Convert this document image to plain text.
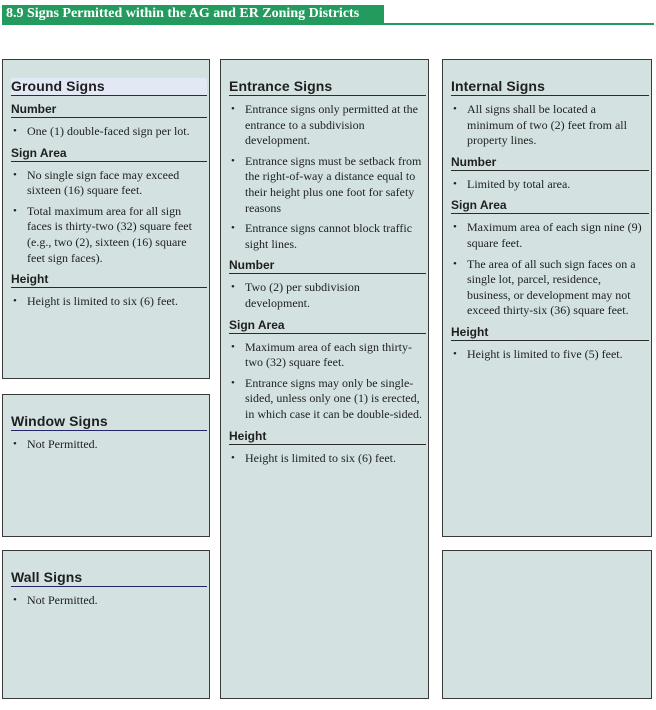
8.9 Signs Permitted within the AG and ER Zoning Districts
Ground Signs
Number
• One (1) double-faced sign per lot.
Sign Area
• No single sign face may exceed sixteen (16) square feet.
• Total maximum area for all sign faces is thirty-two (32) square feet (e.g., two (2), sixteen (16) square feet sign faces).
Height
• Height is limited to six (6) feet.
Window Signs
• Not Permitted.
Wall Signs
• Not Permitted.
Entrance Signs
• Entrance signs only permitted at the entrance to a subdivision development.
• Entrance signs must be setback from the right-of-way a distance equal to their height plus one foot for safety reasons
• Entrance signs cannot block traffic sight lines.
Number
• Two (2) per subdivision development.
Sign Area
• Maximum area of each sign thirty-two (32) square feet.
• Entrance signs may only be single-sided, unless only one (1) is erected, in which case it can be double-sided.
Height
• Height is limited to six (6) feet.
Internal Signs
• All signs shall be located a minimum of two (2) feet from all property lines.
Number
• Limited by total area.
Sign Area
• Maximum area of each sign nine (9) square feet.
• The area of all such sign faces on a single lot, parcel, residence, business, or development may not exceed thirty-six (36) square feet.
Height
• Height is limited to five (5) feet.
